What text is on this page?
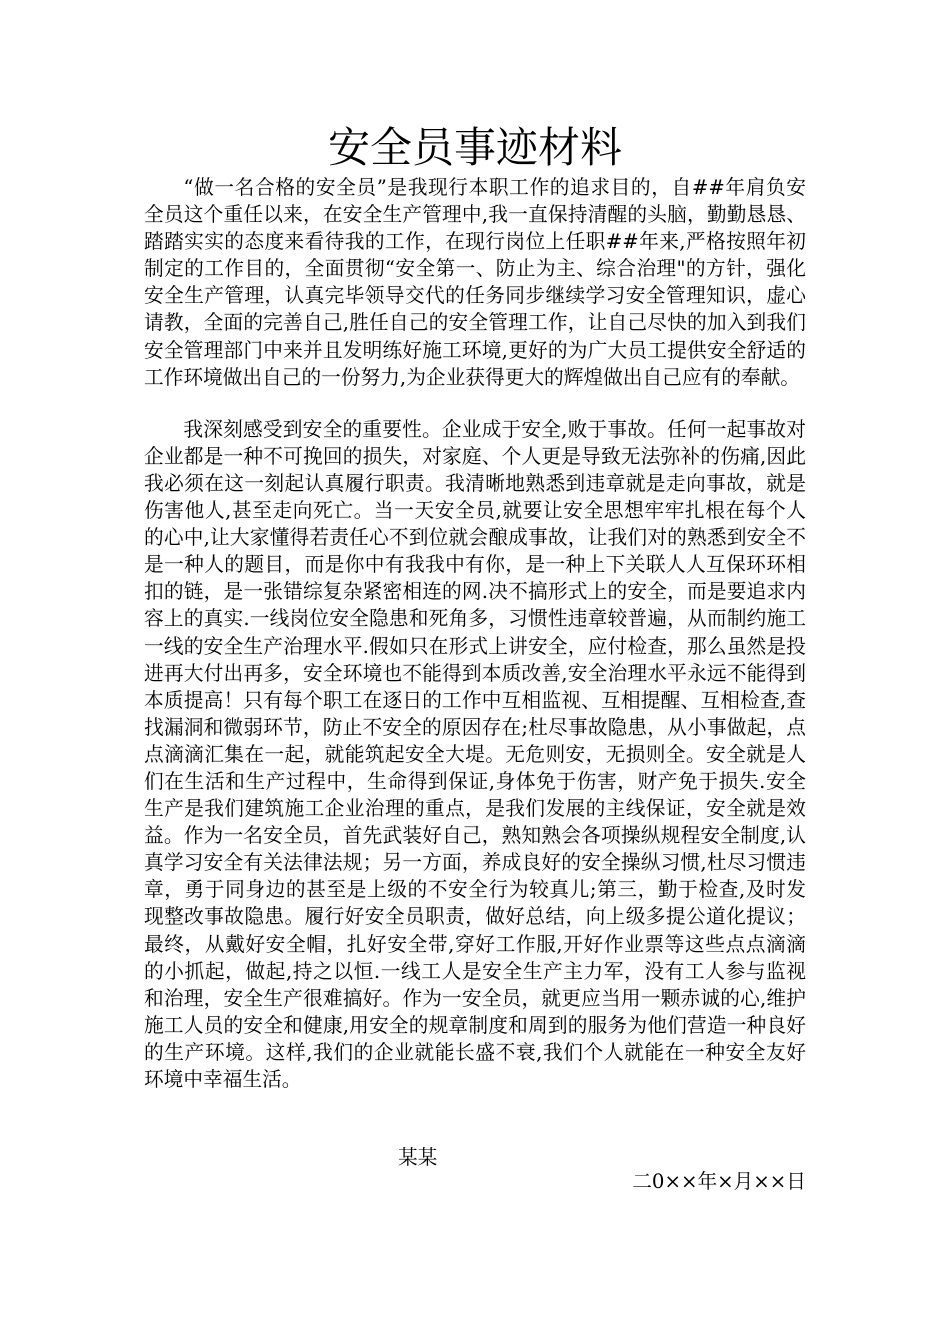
安全员事迹材料

“做一名合格的安全员”是我现行本职工作的追求目的，自##年肩负安全员这个重任以来，在安全生产管理中,我一直保持清醒的头脑，勤勤恳恳、踏踏实实的态度来看待我的工作，在现行岗位上任职##年来,严格按照年初制定的工作目的，全面贯彻“安全第一、防止为主、综合治理"的方针，强化安全生产管理，认真完毕领导交代的任务同步继续学习安全管理知识，虚心请教，全面的完善自己,胜任自己的安全管理工作，让自己尽快的加入到我们安全管理部门中来并且发明练好施工环境,更好的为广大员工提供安全舒适的工作环境做出自己的一份努力,为企业获得更大的辉煌做出自己应有的奉献。

我深刻感受到安全的重要性。企业成于安全,败于事故。任何一起事故对企业都是一种不可挽回的损失，对家庭、个人更是导致无法弥补的伤痛,因此我必须在这一刻起认真履行职责。我清晰地熟悉到违章就是走向事故，就是伤害他人,甚至走向死亡。当一天安全员,就要让安全思想牢牢扎根在每个人的心中,让大家懂得若责任心不到位就会酿成事故，让我们对的熟悉到安全不是一种人的题目，而是你中有我我中有你，是一种上下关联人人互保环环相扣的链，是一张错综复杂紧密相连的网.决不搞形式上的安全，而是要追求内容上的真实.一线岗位安全隐患和死角多，习惯性违章较普遍，从而制约施工一线的安全生产治理水平.假如只在形式上讲安全，应付检查，那么虽然是投进再大付出再多，安全环境也不能得到本质改善,安全治理水平永远不能得到本质提高！只有每个职工在逐日的工作中互相监视、互相提醒、互相检查,查找漏洞和微弱环节，防止不安全的原因存在;杜尽事故隐患，从小事做起，点点滴滴汇集在一起，就能筑起安全大堤。无危则安，无损则全。安全就是人们在生活和生产过程中，生命得到保证,身体免于伤害，财产免于损失.安全生产是我们建筑施工企业治理的重点，是我们发展的主线保证，安全就是效益。作为一名安全员，首先武装好自己，熟知熟会各项操纵规程安全制度,认真学习安全有关法律法规；另一方面，养成良好的安全操纵习惯,杜尽习惯违章，勇于同身边的甚至是上级的不安全行为较真儿;第三，勤于检查,及时发现整改事故隐患。履行好安全员职责，做好总结，向上级多提公道化提议；最终，从戴好安全帽，扎好安全带,穿好工作服,开好作业票等这些点点滴滴的小抓起，做起,持之以恒.一线工人是安全生产主力军，没有工人参与监视和治理，安全生产很难搞好。作为一安全员，就更应当用一颗赤诚的心,维护施工人员的安全和健康,用安全的规章制度和周到的服务为他们营造一种良好的生产环境。这样,我们的企业就能长盛不衰,我们个人就能在一种安全友好环境中幸福生活。

某某
二0××年×月××日
